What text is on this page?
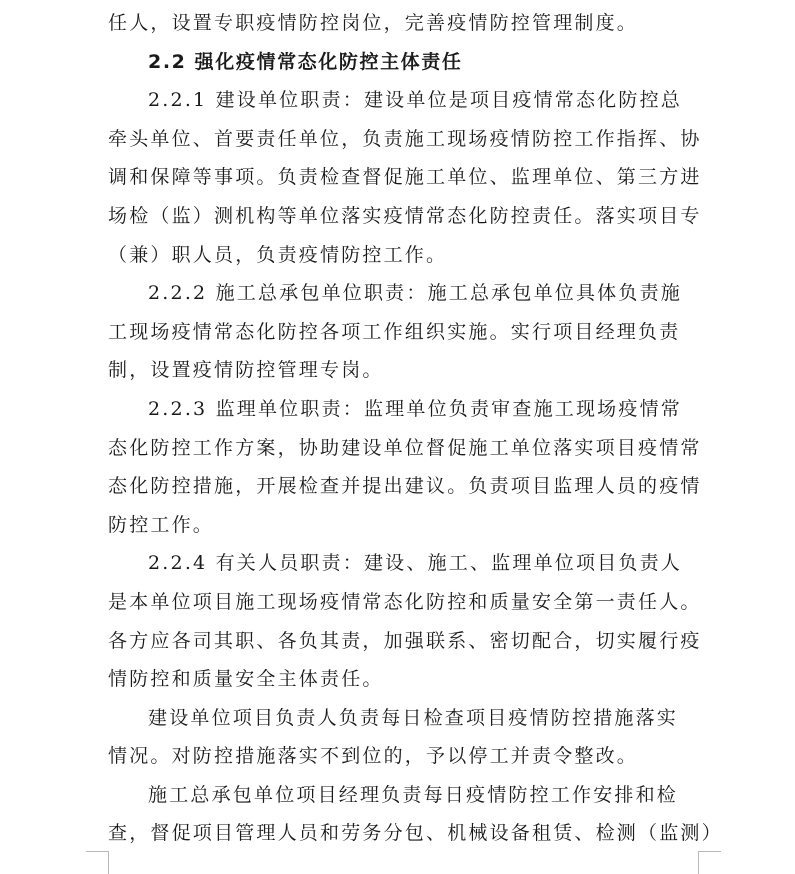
任人，设置专职疫情防控岗位，完善疫情防控管理制度。
2.2 强化疫情常态化防控主体责任
2.2.1 建设单位职责：建设单位是项目疫情常态化防控总
牵头单位、首要责任单位，负责施工现场疫情防控工作指挥、协
调和保障等事项。负责检查督促施工单位、监理单位、第三方进
场检（监）测机构等单位落实疫情常态化防控责任。落实项目专
（兼）职人员，负责疫情防控工作。
2.2.2 施工总承包单位职责：施工总承包单位具体负责施
工现场疫情常态化防控各项工作组织实施。实行项目经理负责
制，设置疫情防控管理专岗。
2.2.3 监理单位职责：监理单位负责审查施工现场疫情常
态化防控工作方案，协助建设单位督促施工单位落实项目疫情常
态化防控措施，开展检查并提出建议。负责项目监理人员的疫情
防控工作。
2.2.4 有关人员职责：建设、施工、监理单位项目负责人
是本单位项目施工现场疫情常态化防控和质量安全第一责任人。
各方应各司其职、各负其责，加强联系、密切配合，切实履行疫
情防控和质量安全主体责任。
建设单位项目负责人负责每日检查项目疫情防控措施落实
情况。对防控措施落实不到位的，予以停工并责令整改。
施工总承包单位项目经理负责每日疫情防控工作安排和检
查，督促项目管理人员和劳务分包、机械设备租赁、检测（监测）
